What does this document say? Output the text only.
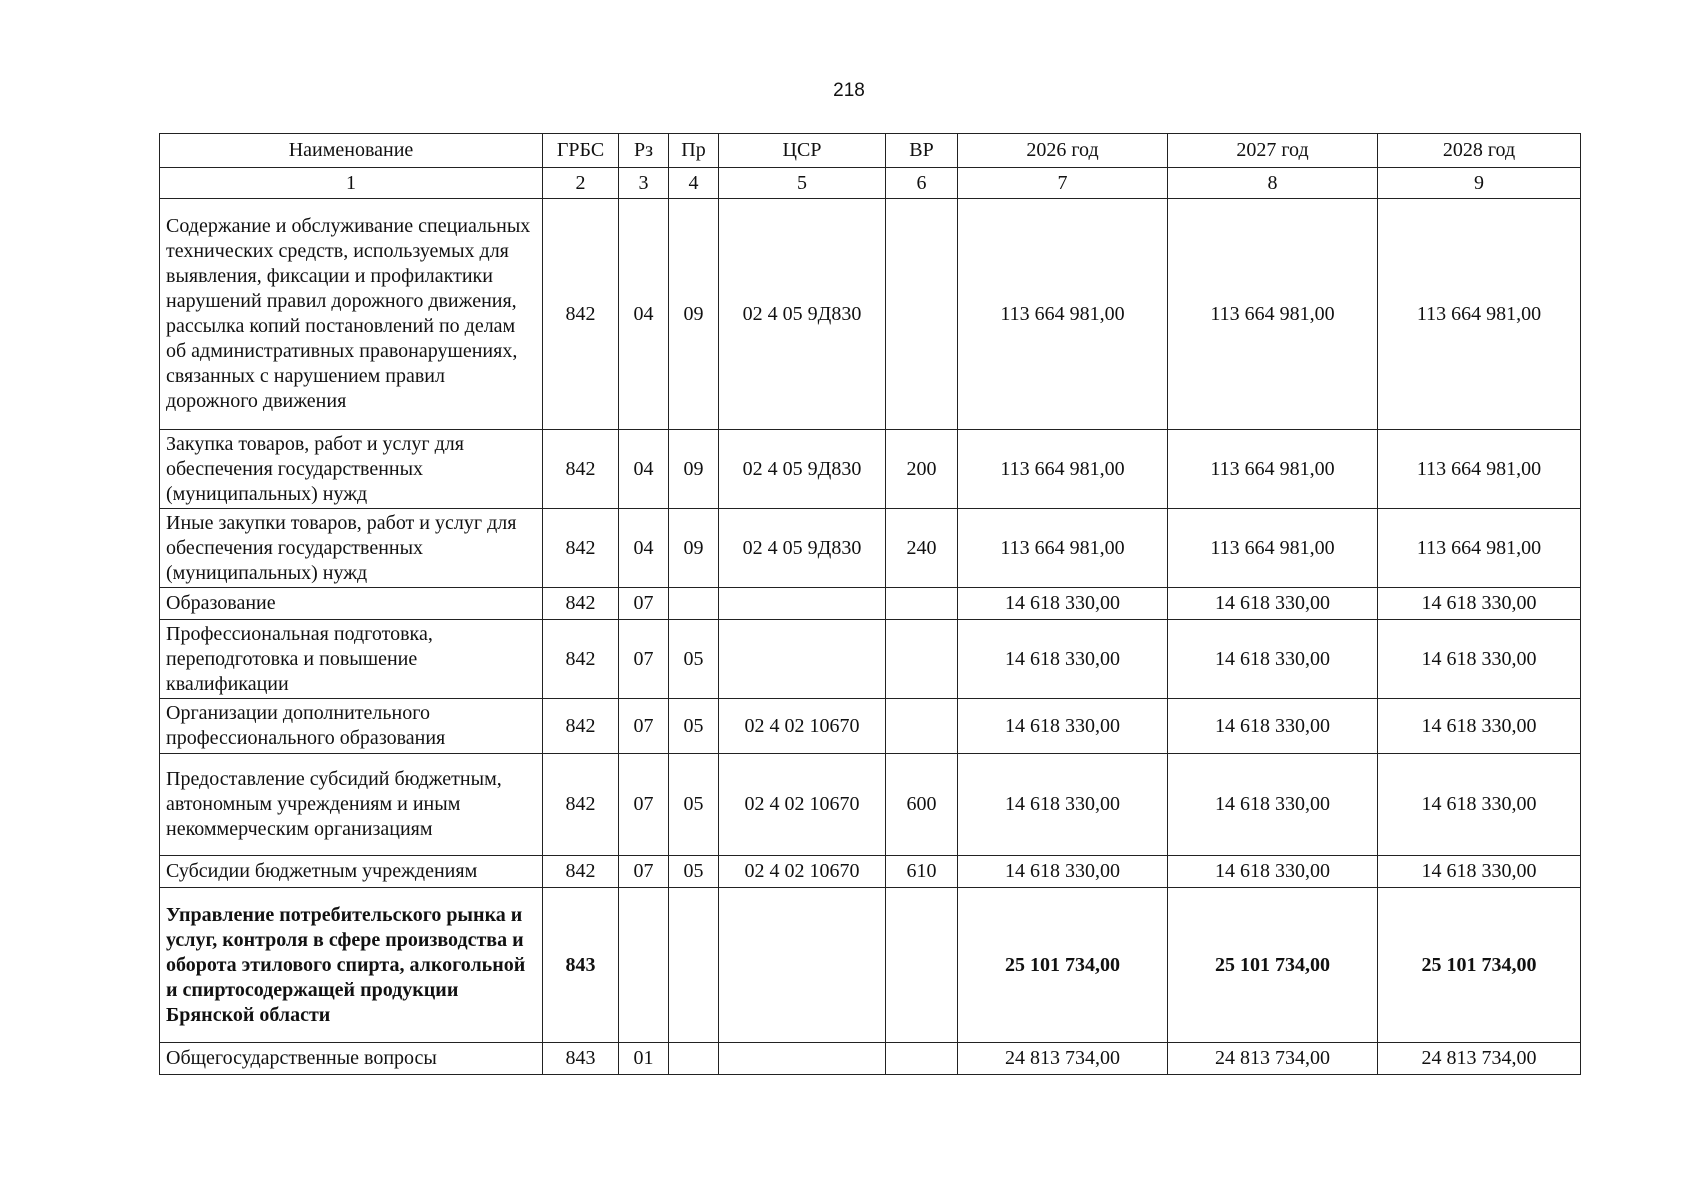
218
Наименование	ГРБС	Рз	Пр	ЦСР	ВР	2026 год	2027 год	2028 год
1	2	3	4	5	6	7	8	9
Содержание и обслуживание специальных технических средств, используемых для выявления, фиксации и профилактики нарушений правил дорожного движения, рассылка копий постановлений по делам об административных правонарушениях, связанных с нарушением правил дорожного движения	842	04	09	02 4 05 9Д830		113 664 981,00	113 664 981,00	113 664 981,00
Закупка товаров, работ и услуг для обеспечения государственных (муниципальных) нужд	842	04	09	02 4 05 9Д830	200	113 664 981,00	113 664 981,00	113 664 981,00
Иные закупки товаров, работ и услуг для обеспечения государственных (муниципальных) нужд	842	04	09	02 4 05 9Д830	240	113 664 981,00	113 664 981,00	113 664 981,00
Образование	842	07				14 618 330,00	14 618 330,00	14 618 330,00
Профессиональная подготовка, переподготовка и повышение квалификации	842	07	05			14 618 330,00	14 618 330,00	14 618 330,00
Организации дополнительного профессионального образования	842	07	05	02 4 02 10670		14 618 330,00	14 618 330,00	14 618 330,00
Предоставление субсидий бюджетным, автономным учреждениям и иным некоммерческим организациям	842	07	05	02 4 02 10670	600	14 618 330,00	14 618 330,00	14 618 330,00
Субсидии бюджетным учреждениям	842	07	05	02 4 02 10670	610	14 618 330,00	14 618 330,00	14 618 330,00
Управление потребительского рынка и услуг, контроля в сфере производства и оборота этилового спирта, алкогольной и спиртосодержащей продукции Брянской области	843					25 101 734,00	25 101 734,00	25 101 734,00
Общегосударственные вопросы	843	01				24 813 734,00	24 813 734,00	24 813 734,00
